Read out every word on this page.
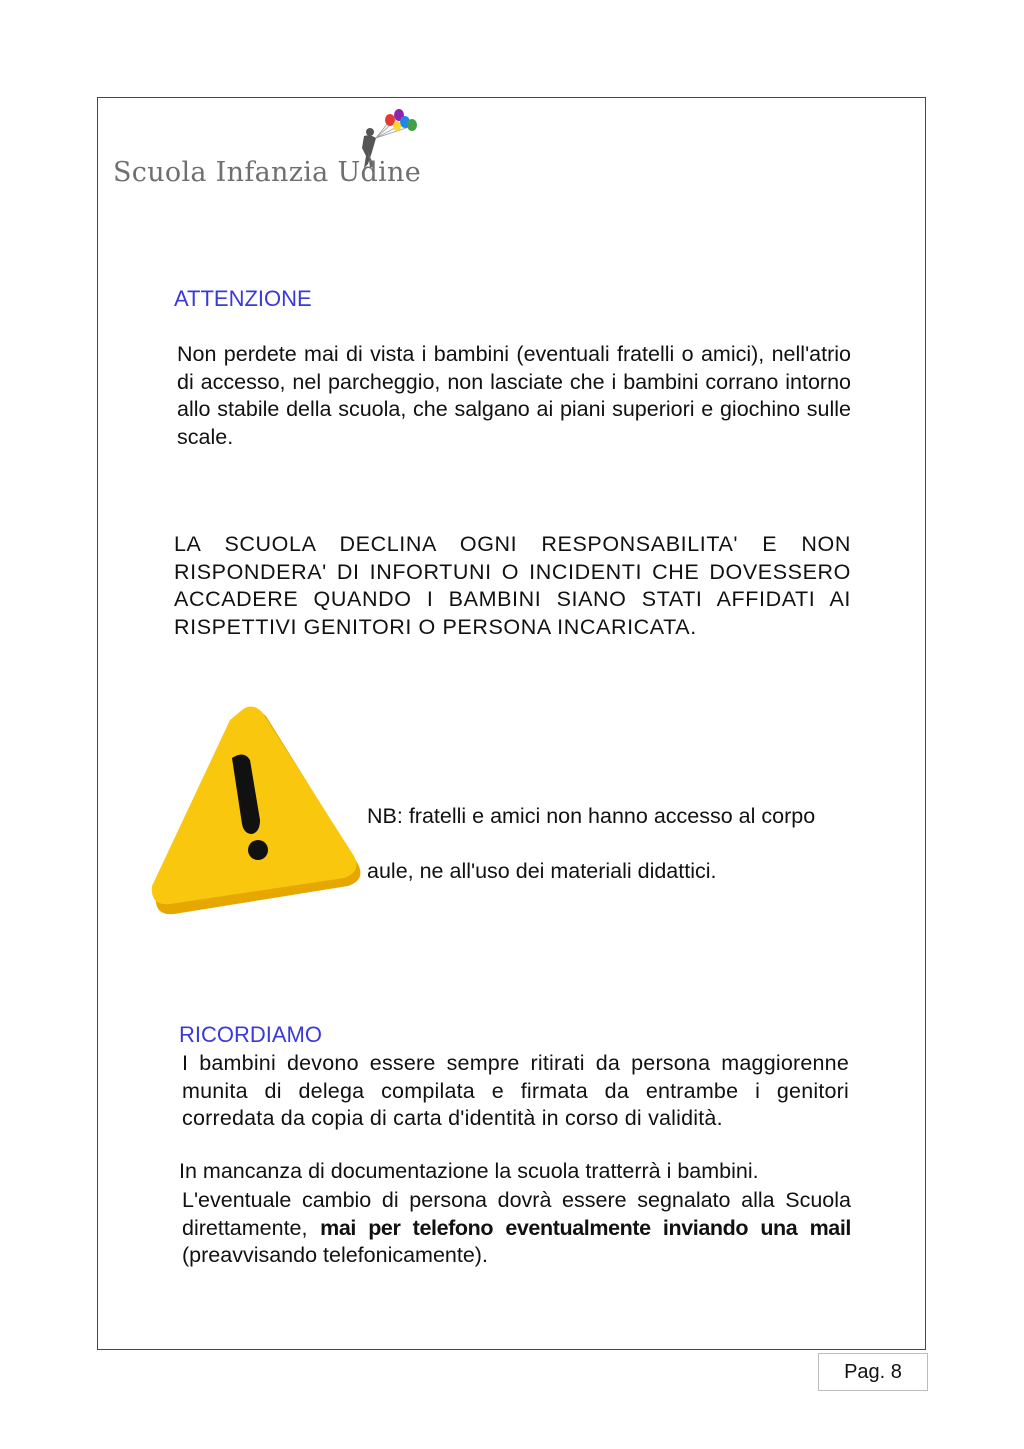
Scuola Infanzia Udine
ATTENZIONE
Non perdete mai di vista i bambini (eventuali fratelli o amici), nell'atrio di accesso, nel parcheggio, non lasciate che i bambini corrano intorno allo stabile della scuola, che salgano ai piani superiori e giochino sulle scale.
LA SCUOLA DECLINA OGNI RESPONSABILITA' E NON RISPONDERA' DI INFORTUNI O INCIDENTI CHE DOVESSERO ACCADERE QUANDO I BAMBINI SIANO STATI AFFIDATI AI RISPETTIVI GENITORI O PERSONA INCARICATA.
NB: fratelli e amici non hanno accesso al corpo
aule, ne all'uso dei materiali didattici.
RICORDIAMO
I bambini devono essere sempre ritirati da persona maggiorenne munita di delega compilata e firmata da entrambe i genitori corredata da copia di carta d'identità in corso di validità.
In mancanza di documentazione la scuola tratterrà i bambini.
L'eventuale cambio di persona dovrà essere segnalato alla Scuola direttamente, mai per telefono eventualmente inviando una mail (preavvisando telefonicamente).
Pag. 8
